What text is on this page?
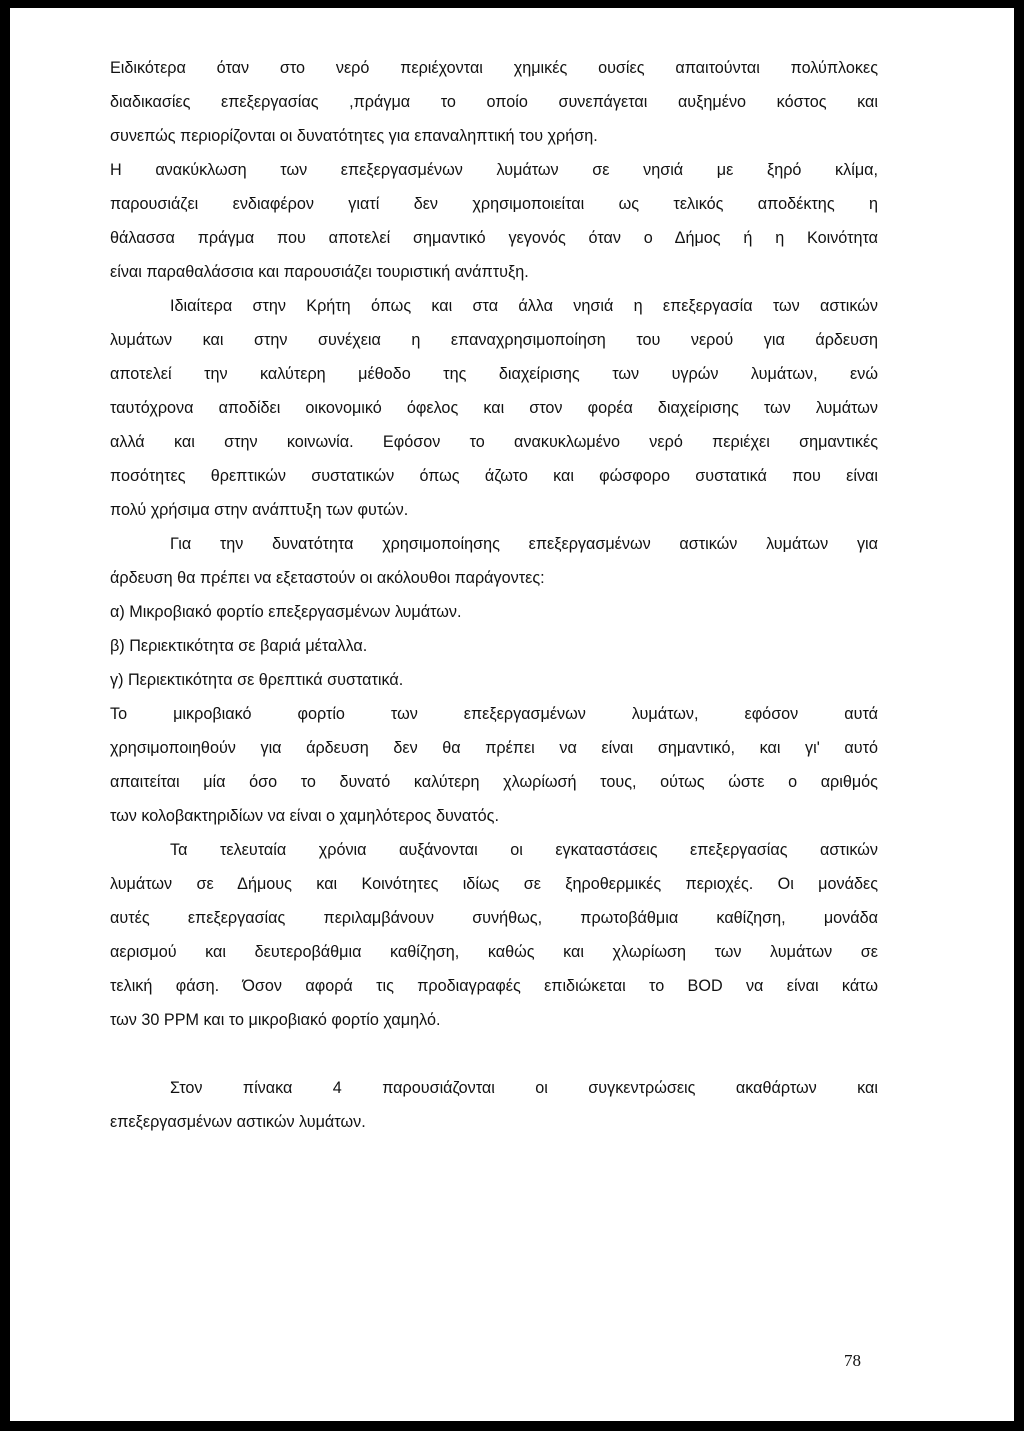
Ειδικότερα όταν στο νερό περιέχονται χημικές ουσίες απαιτούνται πολύπλοκες
διαδικασίες επεξεργασίας ,πράγμα το οποίο συνεπάγεται αυξημένο κόστος και
συνεπώς περιορίζονται οι δυνατότητες για επαναληπτική του χρήση.
Η ανακύκλωση των επεξεργασμένων λυμάτων σε νησιά με ξηρό κλίμα,
παρουσιάζει ενδιαφέρον γιατί δεν χρησιμοποιείται ως τελικός αποδέκτης η
θάλασσα πράγμα που αποτελεί σημαντικό γεγονός όταν ο Δήμος ή η Κοινότητα
είναι παραθαλάσσια και παρουσιάζει τουριστική ανάπτυξη.
Ιδιαίτερα στην Κρήτη όπως και στα άλλα νησιά η επεξεργασία των αστικών
λυμάτων και στην συνέχεια η επαναχρησιμοποίηση του νερού για άρδευση
αποτελεί την καλύτερη μέθοδο της διαχείρισης των υγρών λυμάτων, ενώ
ταυτόχρονα αποδίδει οικονομικό όφελος και στον φορέα διαχείρισης των λυμάτων
αλλά και στην κοινωνία. Εφόσον το ανακυκλωμένο νερό περιέχει σημαντικές
ποσότητες θρεπτικών συστατικών όπως άζωτο και φώσφορο συστατικά που είναι
πολύ χρήσιμα στην ανάπτυξη των φυτών.
Για την δυνατότητα χρησιμοποίησης επεξεργασμένων αστικών λυμάτων για
άρδευση θα πρέπει να εξεταστούν οι ακόλουθοι παράγοντες:
α) Μικροβιακό φορτίο επεξεργασμένων λυμάτων.
β) Περιεκτικότητα σε βαριά μέταλλα.
γ) Περιεκτικότητα σε θρεπτικά συστατικά.
Το μικροβιακό φορτίο των επεξεργασμένων λυμάτων, εφόσον αυτά
χρησιμοποιηθούν για άρδευση δεν θα πρέπει να είναι σημαντικό, και γι' αυτό
απαιτείται μία όσο το δυνατό καλύτερη χλωρίωσή τους, ούτως ώστε ο αριθμός
των κολοβακτηριδίων να είναι ο χαμηλότερος δυνατός.
Τα τελευταία χρόνια αυξάνονται οι εγκαταστάσεις επεξεργασίας αστικών
λυμάτων σε Δήμους και Κοινότητες ιδίως σε ξηροθερμικές περιοχές. Οι μονάδες
αυτές επεξεργασίας περιλαμβάνουν συνήθως, πρωτοβάθμια καθίζηση, μονάδα
αερισμού και δευτεροβάθμια καθίζηση, καθώς και χλωρίωση των λυμάτων σε
τελική φάση. Όσον αφορά τις προδιαγραφές επιδιώκεται το BOD να είναι κάτω
των 30 PPM και το μικροβιακό φορτίο χαμηλό.
Στον πίνακα 4 παρουσιάζονται οι συγκεντρώσεις ακαθάρτων και
επεξεργασμένων αστικών λυμάτων.
78
